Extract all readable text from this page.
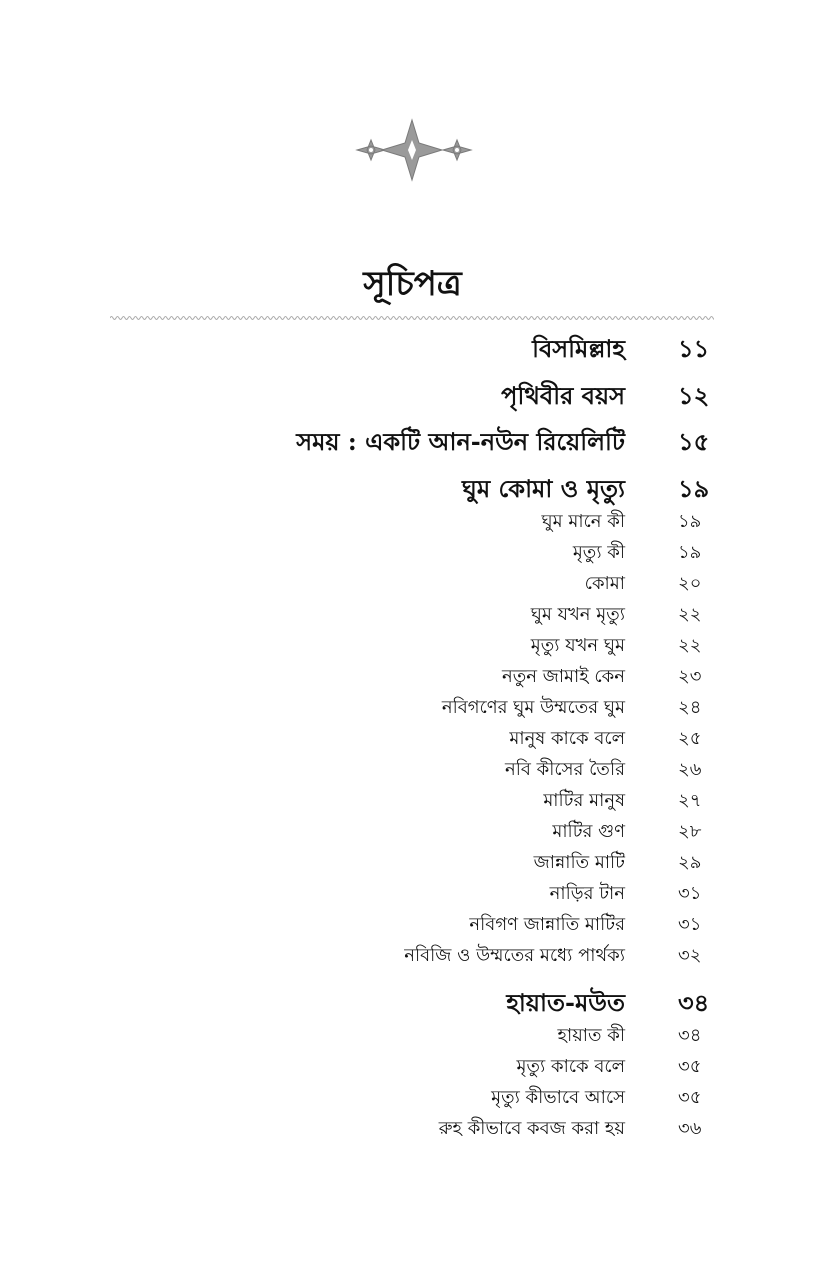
সূচিপত্র
বিসমিল্লাহ ১১
পৃথিবীর বয়স ১২
সময় : একটি আন-নউন রিয়েলিটি ১৫
ঘুম কোমা ও মৃত্যু ১৯
ঘুম মানে কী	১৯
মৃত্যু কী	১৯
কোমা	২০
ঘুম যখন মৃত্যু	২২
মৃত্যু যখন ঘুম	২২
নতুন জামাই কেন	২৩
নবিগণের ঘুম উম্মতের ঘুম	২৪
মানুষ কাকে বলে	২৫
নবি কীসের তৈরি	২৬
মাটির মানুষ	২৭
মাটির গুণ	২৮
জান্নাতি মাটি	২৯
নাড়ির টান	৩১
নবিগণ জান্নাতি মাটির	৩১
নবিজি ও উম্মতের মধ্যে পার্থক্য	৩২
হায়াত-মউত ৩৪
হায়াত কী	৩৪
মৃত্যু কাকে বলে	৩৫
মৃত্যু কীভাবে আসে	৩৫
রুহ কীভাবে কবজ করা হয়	৩৬
